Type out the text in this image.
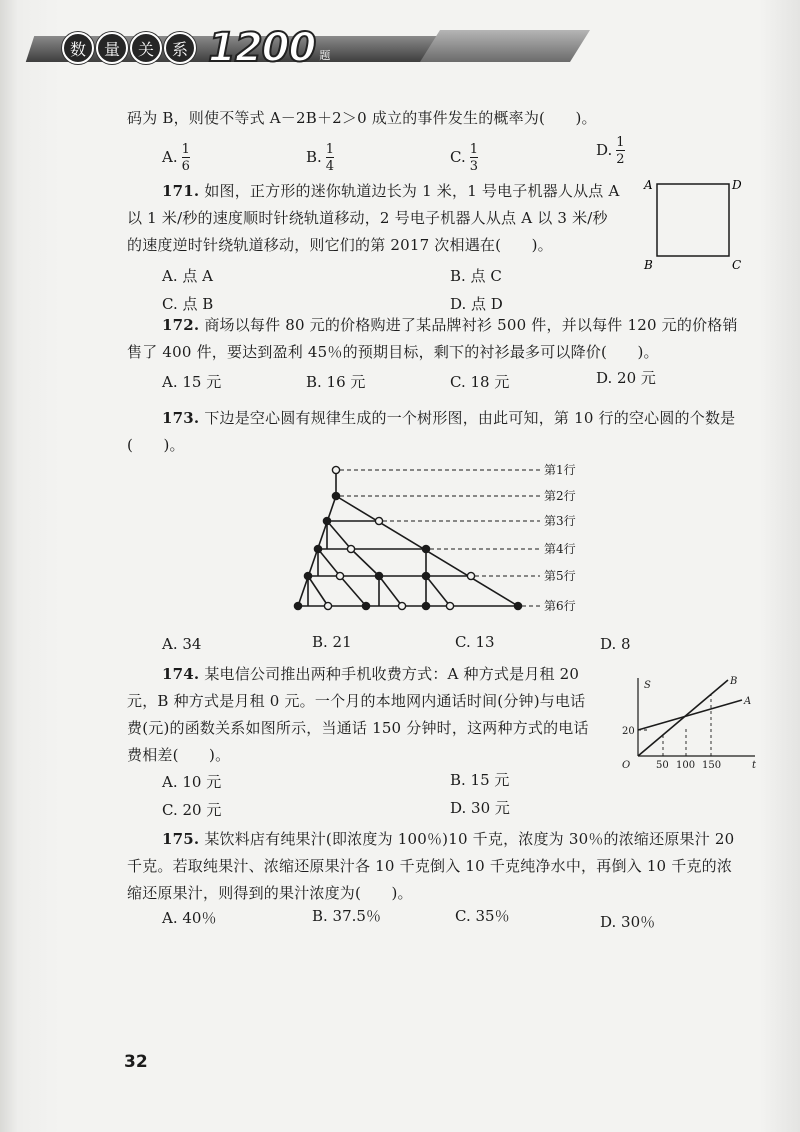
数	量	关	系 1200 题
码为 B，则使不等式 A－2B＋2＞0 成立的事件发生的概率为(　　)。
A. $\frac{1}{6}$	B. $\frac{1}{4}$	C. $\frac{1}{3}$	D. $\frac{1}{2}$
171. 如图，正方形的迷你轨道边长为 1 米，1 号电子机器人从点 A
以 1 米/秒的速度顺时针绕轨道移动，2 号电子机器人从点 A 以 3 米/秒
的速度逆时针绕轨道移动，则它们的第 2017 次相遇在(　　)。
A. 点 A	B. 点 C
C. 点 B	D. 点 D
A	D
B	C
172. 商场以每件 80 元的价格购进了某品牌衬衫 500 件，并以每件 120 元的价格销
售了 400 件，要达到盈利 45％的预期目标，剩下的衬衫最多可以降价(　　)。
A. 15 元	B. 16 元	C. 18 元	D. 20 元
173. 下边是空心圆有规律生成的一个树形图，由此可知，第 10 行的空心圆的个数是
(　　)。
第1行
第2行
第3行
第4行
第5行
第6行
A. 34	B. 21	C. 13	D. 8
174. 某电信公司推出两种手机收费方式：A 种方式是月租 20
元，B 种方式是月租 0 元。一个月的本地网内通话时间(分钟)与电话
费(元)的函数关系如图所示，当通话 150 分钟时，这两种方式的电话
费相差(　　)。
A. 10 元	B. 15 元
C. 20 元	D. 30 元
S
t
O
20
50 100 150
B
A
175. 某饮料店有纯果汁(即浓度为 100％)10 千克，浓度为 30％的浓缩还原果汁 20
千克。若取纯果汁、浓缩还原果汁各 10 千克倒入 10 千克纯净水中，再倒入 10 千克的浓
缩还原果汁，则得到的果汁浓度为(　　)。
A. 40％	B. 37.5％	C. 35％	D. 30％
32
